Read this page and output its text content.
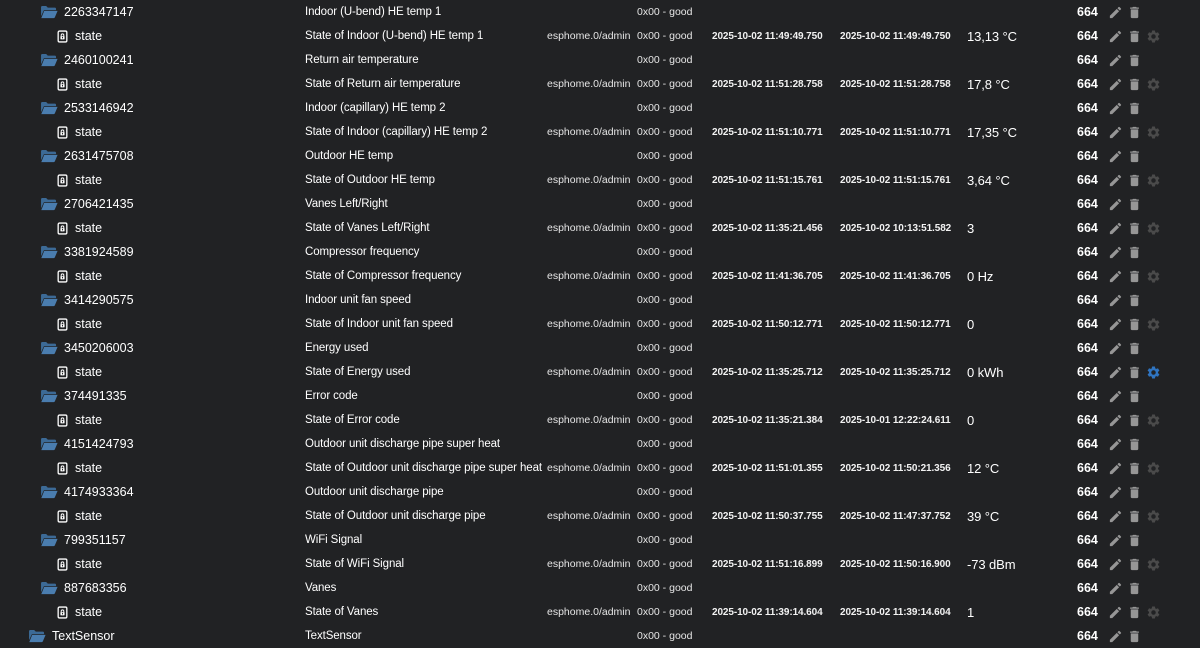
2263347147	Indoor (U-bend) HE temp 1	0x00 - good	664
state	State of Indoor (U-bend) HE temp 1	esphome.0/admin 0x00 - good	2025-10-02 11:49:49.750	2025-10-02 11:49:49.750	13,13 °C	664
2460100241	Return air temperature	0x00 - good	664
state	State of Return air temperature	esphome.0/admin 0x00 - good	2025-10-02 11:51:28.758	2025-10-02 11:51:28.758	17,8 °C	664
2533146942	Indoor (capillary) HE temp 2	0x00 - good	664
state	State of Indoor (capillary) HE temp 2	esphome.0/admin 0x00 - good	2025-10-02 11:51:10.771	2025-10-02 11:51:10.771	17,35 °C	664
2631475708	Outdoor HE temp	0x00 - good	664
state	State of Outdoor HE temp	esphome.0/admin 0x00 - good	2025-10-02 11:51:15.761	2025-10-02 11:51:15.761	3,64 °C	664
2706421435	Vanes Left/Right	0x00 - good	664
state	State of Vanes Left/Right	esphome.0/admin 0x00 - good	2025-10-02 11:35:21.456	2025-10-02 10:13:51.582	3	664
3381924589	Compressor frequency	0x00 - good	664
state	State of Compressor frequency	esphome.0/admin 0x00 - good	2025-10-02 11:41:36.705	2025-10-02 11:41:36.705	0 Hz	664
3414290575	Indoor unit fan speed	0x00 - good	664
state	State of Indoor unit fan speed	esphome.0/admin 0x00 - good	2025-10-02 11:50:12.771	2025-10-02 11:50:12.771	0	664
3450206003	Energy used	0x00 - good	664
state	State of Energy used	esphome.0/admin 0x00 - good	2025-10-02 11:35:25.712	2025-10-02 11:35:25.712	0 kWh	664
374491335	Error code	0x00 - good	664
state	State of Error code	esphome.0/admin 0x00 - good	2025-10-02 11:35:21.384	2025-10-01 12:22:24.611	0	664
4151424793	Outdoor unit discharge pipe super heat	0x00 - good	664
state	State of Outdoor unit discharge pipe super heat esphome.0/admin 0x00 - good	2025-10-02 11:51:01.355	2025-10-02 11:50:21.356	12 °C	664
4174933364	Outdoor unit discharge pipe	0x00 - good	664
state	State of Outdoor unit discharge pipe	esphome.0/admin 0x00 - good	2025-10-02 11:50:37.755	2025-10-02 11:47:37.752	39 °C	664
799351157	WiFi Signal	0x00 - good	664
state	State of WiFi Signal	esphome.0/admin 0x00 - good	2025-10-02 11:51:16.899	2025-10-02 11:50:16.900	-73 dBm	664
887683356	Vanes	0x00 - good	664
state	State of Vanes	esphome.0/admin 0x00 - good	2025-10-02 11:39:14.604	2025-10-02 11:39:14.604	1	664
TextSensor	TextSensor	0x00 - good	664
